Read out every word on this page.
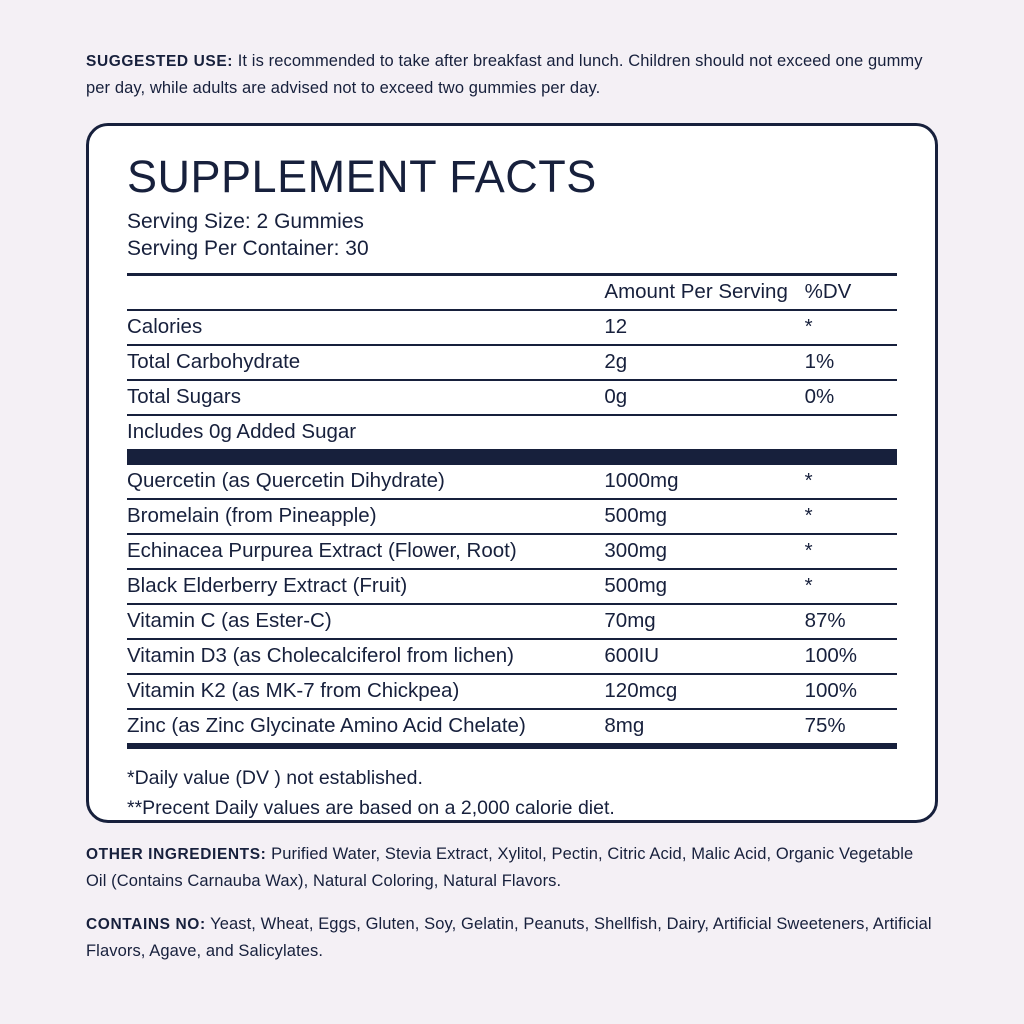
SUGGESTED USE: It is recommended to take after breakfast and lunch. Children should not exceed one gummy per day, while adults are advised not to exceed two gummies per day.

SUPPLEMENT FACTS
Serving Size: 2 Gummies
Serving Per Container: 30
	Amount Per Serving	%DV
Calories	12	*
Total Carbohydrate	2g	1%
Total Sugars	0g	0%
Includes 0g Added Sugar		

Quercetin (as Quercetin Dihydrate)	1000mg	*
Bromelain (from Pineapple)	500mg	*
Echinacea Purpurea Extract (Flower, Root)	300mg	*
Black Elderberry Extract (Fruit)	500mg	*
Vitamin C (as Ester-C)	70mg	87%
Vitamin D3 (as Cholecalciferol from lichen)	600IU	100%
Vitamin K2 (as MK-7 from Chickpea)	120mcg	100%
Zinc (as Zinc Glycinate Amino Acid Chelate)	8mg	75%
*Daily value (DV ) not established.
**Precent Daily values are based on a 2,000 calorie diet.

OTHER INGREDIENTS: Purified Water, Stevia Extract, Xylitol, Pectin, Citric Acid, Malic Acid, Organic Vegetable Oil (Contains Carnauba Wax), Natural Coloring, Natural Flavors.

CONTAINS NO: Yeast, Wheat, Eggs, Gluten, Soy, Gelatin, Peanuts, Shellfish, Dairy, Artificial Sweeteners, Artificial Flavors, Agave, and Salicylates.
